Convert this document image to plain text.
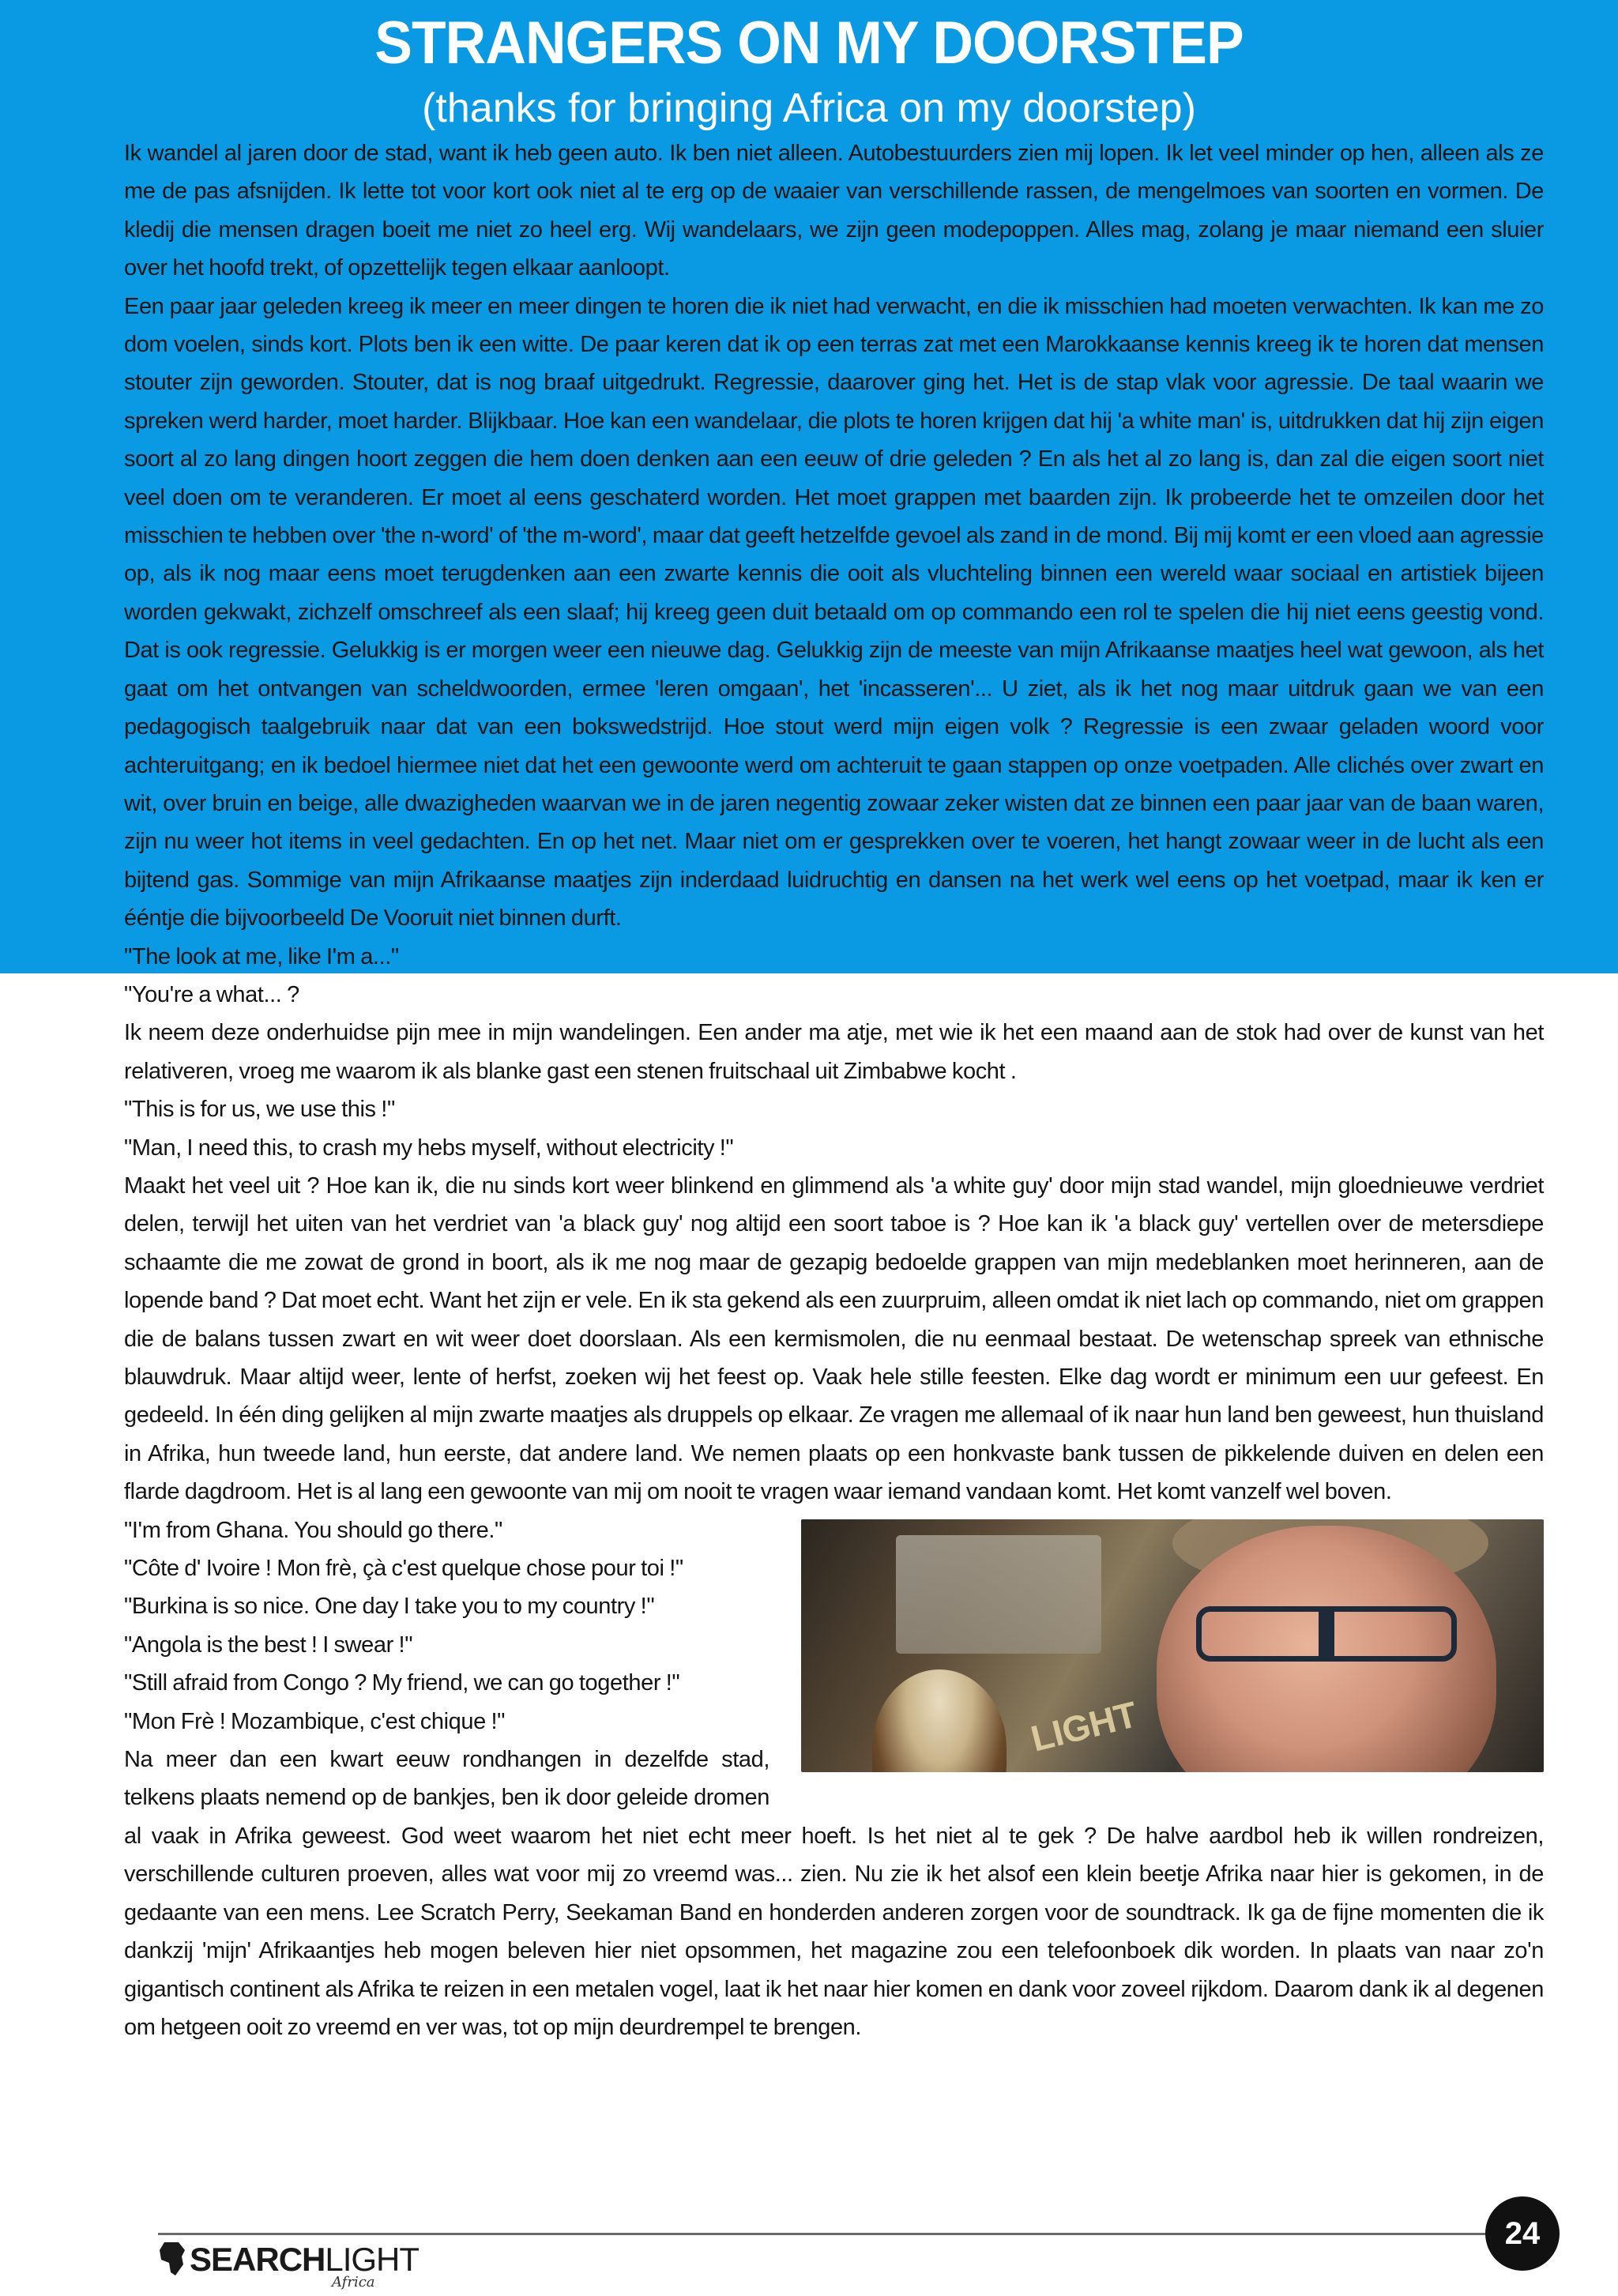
STRANGERS ON MY DOORSTEP
(thanks for bringing Africa on my doorstep)

Ik wandel al jaren door de stad, want ik heb geen auto. Ik ben niet alleen. Autobestuurders zien mij lopen. Ik let veel minder op hen, alleen als ze me de pas afsnijden. Ik lette tot voor kort ook niet al te erg op de waaier van verschillende rassen, de mengelmoes van soorten en vormen. De kledij die mensen dragen boeit me niet zo heel erg. Wij wandelaars, we zijn geen modepoppen. Alles mag, zolang je maar niemand een sluier over het hoofd trekt, of opzettelijk tegen elkaar aanloopt.

Een paar jaar geleden kreeg ik meer en meer dingen te horen die ik niet had verwacht, en die ik misschien had moeten verwachten. Ik kan me zo dom voelen, sinds kort. Plots ben ik een witte. De paar keren dat ik op een terras zat met een Marokkaanse kennis kreeg ik te horen dat mensen stouter zijn geworden. Stouter, dat is nog braaf uitgedrukt. Regressie, daarover ging het. Het is de stap vlak voor agressie. De taal waarin we spreken werd harder, moet harder. Blijkbaar. Hoe kan een wandelaar, die plots te horen krijgen dat hij 'a white man' is, uitdrukken dat hij zijn eigen soort al zo lang dingen hoort zeggen die hem doen denken aan een eeuw of drie geleden ? En als het al zo lang is, dan zal die eigen soort niet veel doen om te veranderen. Er moet al eens geschaterd worden. Het moet grappen met baarden zijn. Ik probeerde het te omzeilen door het misschien te hebben over 'the n-word' of 'the m-word', maar dat geeft hetzelfde gevoel als zand in de mond. Bij mij komt er een vloed aan agressie op, als ik nog maar eens moet terugdenken aan een zwarte kennis die ooit als vluchteling binnen een wereld waar sociaal en artistiek bijeen worden gekwakt, zichzelf omschreef als een slaaf; hij kreeg geen duit betaald om op commando een rol te spelen die hij niet eens geestig vond. Dat is ook regressie. Gelukkig is er morgen weer een nieuwe dag. Gelukkig zijn de meeste van mijn Afrikaanse maatjes heel wat gewoon, als het gaat om het ontvangen van scheldwoorden, ermee 'leren omgaan', het 'incasseren'... U ziet, als ik het nog maar uitdruk gaan we van een pedagogisch taalgebruik naar dat van een bokswedstrijd. Hoe stout werd mijn eigen volk ? Regressie is een zwaar geladen woord voor achteruitgang; en ik bedoel hiermee niet dat het een gewoonte werd om achteruit te gaan stappen op onze voetpaden. Alle clichés over zwart en wit, over bruin en beige, alle dwazigheden waarvan we in de jaren negentig zowaar zeker wisten dat ze binnen een paar jaar van de baan waren, zijn nu weer hot items in veel gedachten. En op het net. Maar niet om er gesprekken over te voeren, het hangt zowaar weer in de lucht als een bijtend gas. Sommige van mijn Afrikaanse maatjes zijn inderdaad luidruchtig en dansen na het werk wel eens op het voetpad, maar ik ken er ééntje die bijvoorbeeld De Vooruit niet binnen durft.

"The look at me, like I'm a..."

"You're a what... ?

Ik neem deze onderhuidse pijn mee in mijn wandelingen. Een ander ma atje, met wie ik het een maand aan de stok had over de kunst van het relativeren, vroeg me waarom ik als blanke gast een stenen fruitschaal uit Zimbabwe kocht .

"This is for us, we use this !"

"Man, I need this, to crash my hebs myself, without electricity !"

Maakt het veel uit ? Hoe kan ik, die nu sinds kort weer blinkend en glimmend als 'a white guy' door mijn stad wandel, mijn gloednieuwe verdriet delen, terwijl het uiten van het verdriet van 'a black guy' nog altijd een soort taboe is ? Hoe kan ik 'a black guy' vertellen over de metersdiepe schaamte die me zowat de grond in boort, als ik me nog maar de gezapig bedoelde grappen van mijn medeblanken moet herinneren, aan de lopende band ? Dat moet echt. Want het zijn er vele. En ik sta gekend als een zuurpruim, alleen omdat ik niet lach op commando, niet om grappen die de balans tussen zwart en wit weer doet doorslaan. Als een kermismolen, die nu eenmaal bestaat. De wetenschap spreek van ethnische blauwdruk. Maar altijd weer, lente of herfst, zoeken wij het feest op. Vaak hele stille feesten. Elke dag wordt er minimum een uur gefeest. En gedeeld. In één ding gelijken al mijn zwarte maatjes als druppels op elkaar. Ze vragen me allemaal of ik naar hun land ben geweest, hun thuisland in Afrika, hun tweede land, hun eerste, dat andere land. We nemen plaats op een honkvaste bank tussen de pikkelende duiven en delen een flarde dagdroom. Het is al lang een gewoonte van mij om nooit te vragen waar iemand vandaan komt. Het komt vanzelf wel boven.

LIGHT

"I'm from Ghana. You should go there."

"Côte d' Ivoire ! Mon frè, çà c'est quelque chose pour toi !"

"Burkina is so nice. One day I take you to my country !"

"Angola is the best ! I swear !"

"Still afraid from Congo ? My friend, we can go together !"

"Mon Frè ! Mozambique, c'est chique !"

Na meer dan een kwart eeuw rondhangen in dezelfde stad, telkens plaats nemend op de bankjes, ben ik door geleide dromen al vaak in Afrika geweest. God weet waarom het niet echt meer hoeft. Is het niet al te gek ? De halve aardbol heb ik willen rondreizen, verschillende culturen proeven, alles wat voor mij zo vreemd was... zien. Nu zie ik het alsof een klein beetje Afrika naar hier is gekomen, in de gedaante van een mens. Lee Scratch Perry, Seekaman Band en honderden anderen zorgen voor de soundtrack. Ik ga de fijne momenten die ik dankzij 'mijn' Afrikaantjes heb mogen beleven hier niet opsommen, het magazine zou een telefoonboek dik worden. In plaats van naar zo'n gigantisch continent als Afrika te reizen in een metalen vogel, laat ik het naar hier komen en dank voor zoveel rijkdom. Daarom dank ik al degenen om hetgeen ooit zo vreemd en ver was, tot op mijn deurdrempel te brengen.

SEARCHLIGHT
Africa
24
